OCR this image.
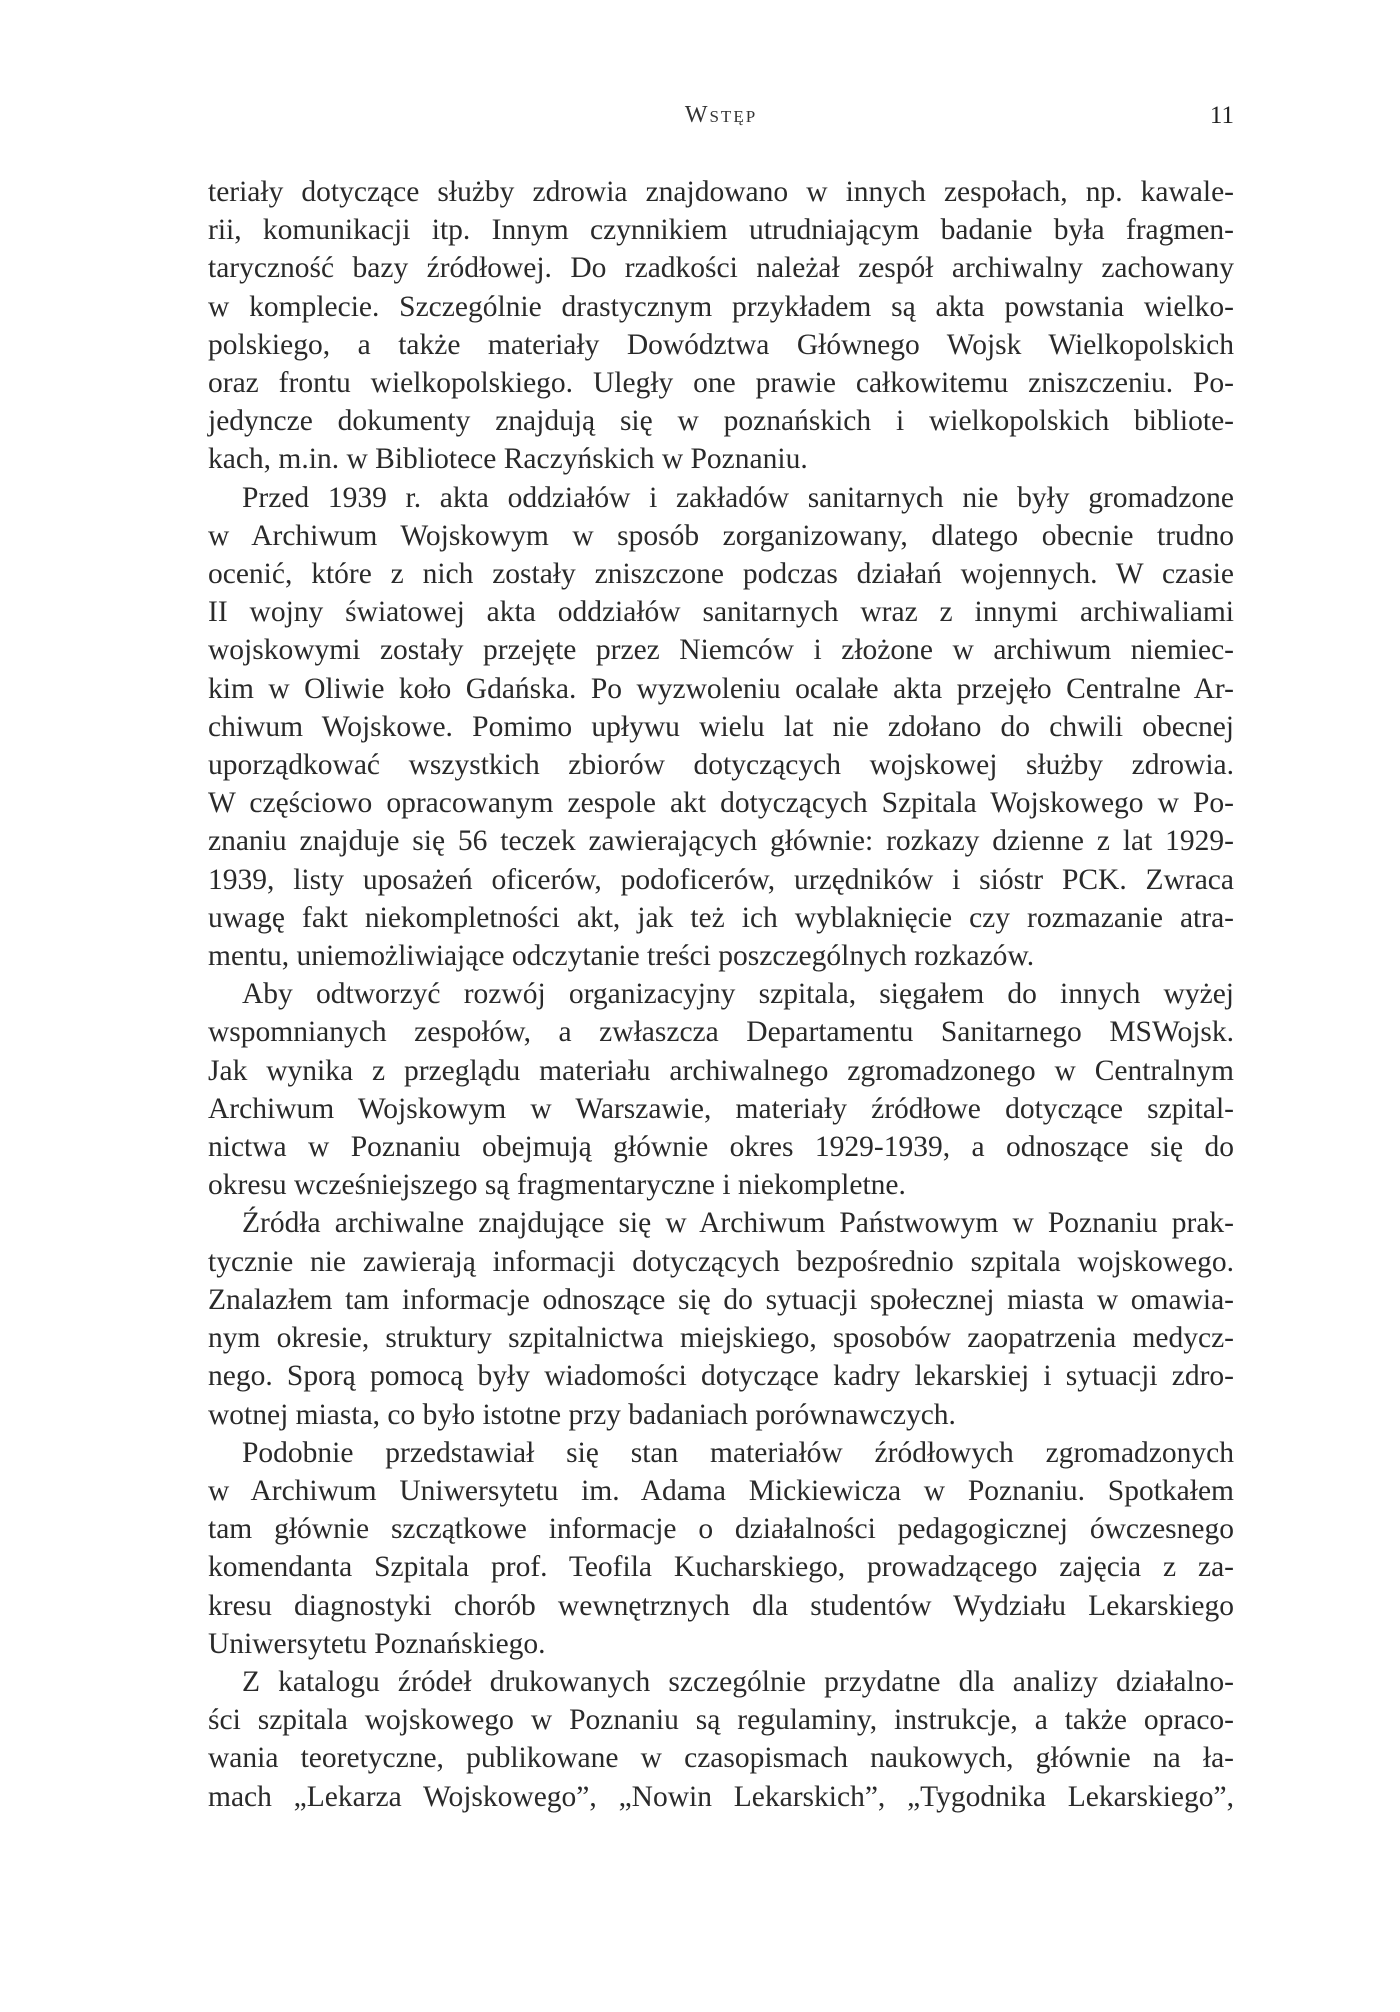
Wstęp	11

teriały dotyczące służby zdrowia znajdowano w innych zespołach, np. kawale-

rii, komunikacji itp. Innym czynnikiem utrudniającym badanie była fragmen-

taryczność bazy źródłowej. Do rzadkości należał zespół archiwalny zachowany

w komplecie. Szczególnie drastycznym przykładem są akta powstania wielko-

polskiego, a także materiały Dowództwa Głównego Wojsk Wielkopolskich

oraz frontu wielkopolskiego. Uległy one prawie całkowitemu zniszczeniu. Po-

jedyncze dokumenty znajdują się w poznańskich i wielkopolskich bibliote-

kach, m.in. w Bibliotece Raczyńskich w Poznaniu.

Przed 1939 r. akta oddziałów i zakładów sanitarnych nie były gromadzone

w Archiwum Wojskowym w sposób zorganizowany, dlatego obecnie trudno

ocenić, które z nich zostały zniszczone podczas działań wojennych. W czasie

II wojny światowej akta oddziałów sanitarnych wraz z innymi archiwaliami

wojskowymi zostały przejęte przez Niemców i złożone w archiwum niemiec-

kim w Oliwie koło Gdańska. Po wyzwoleniu ocalałe akta przejęło Centralne Ar-

chiwum Wojskowe. Pomimo upływu wielu lat nie zdołano do chwili obecnej

uporządkować wszystkich zbiorów dotyczących wojskowej służby zdrowia.

W częściowo opracowanym zespole akt dotyczących Szpitala Wojskowego w Po-

znaniu znajduje się 56 teczek zawierających głównie: rozkazy dzienne z lat 1929-

1939, listy uposażeń oficerów, podoficerów, urzędników i sióstr PCK. Zwraca

uwagę fakt niekompletności akt, jak też ich wyblaknięcie czy rozmazanie atra-

mentu, uniemożliwiające odczytanie treści poszczególnych rozkazów.

Aby odtworzyć rozwój organizacyjny szpitala, sięgałem do innych wyżej

wspomnianych zespołów, a zwłaszcza Departamentu Sanitarnego MSWojsk.

Jak wynika z przeglądu materiału archiwalnego zgromadzonego w Centralnym

Archiwum Wojskowym w Warszawie, materiały źródłowe dotyczące szpital-

nictwa w Poznaniu obejmują głównie okres 1929-1939, a odnoszące się do

okresu wcześniejszego są fragmentaryczne i niekompletne.

Źródła archiwalne znajdujące się w Archiwum Państwowym w Poznaniu prak-

tycznie nie zawierają informacji dotyczących bezpośrednio szpitala wojskowego.

Znalazłem tam informacje odnoszące się do sytuacji społecznej miasta w omawia-

nym okresie, struktury szpitalnictwa miejskiego, sposobów zaopatrzenia medycz-

nego. Sporą pomocą były wiadomości dotyczące kadry lekarskiej i sytuacji zdro-

wotnej miasta, co było istotne przy badaniach porównawczych.

Podobnie przedstawiał się stan materiałów źródłowych zgromadzonych

w Archiwum Uniwersytetu im. Adama Mickiewicza w Poznaniu. Spotkałem

tam głównie szczątkowe informacje o działalności pedagogicznej ówczesnego

komendanta Szpitala prof. Teofila Kucharskiego, prowadzącego zajęcia z za-

kresu diagnostyki chorób wewnętrznych dla studentów Wydziału Lekarskiego

Uniwersytetu Poznańskiego.

Z katalogu źródeł drukowanych szczególnie przydatne dla analizy działalno-

ści szpitala wojskowego w Poznaniu są regulaminy, instrukcje, a także opraco-

wania teoretyczne, publikowane w czasopismach naukowych, głównie na ła-

mach „Lekarza Wojskowego”, „Nowin Lekarskich”, „Tygodnika Lekarskiego”,
